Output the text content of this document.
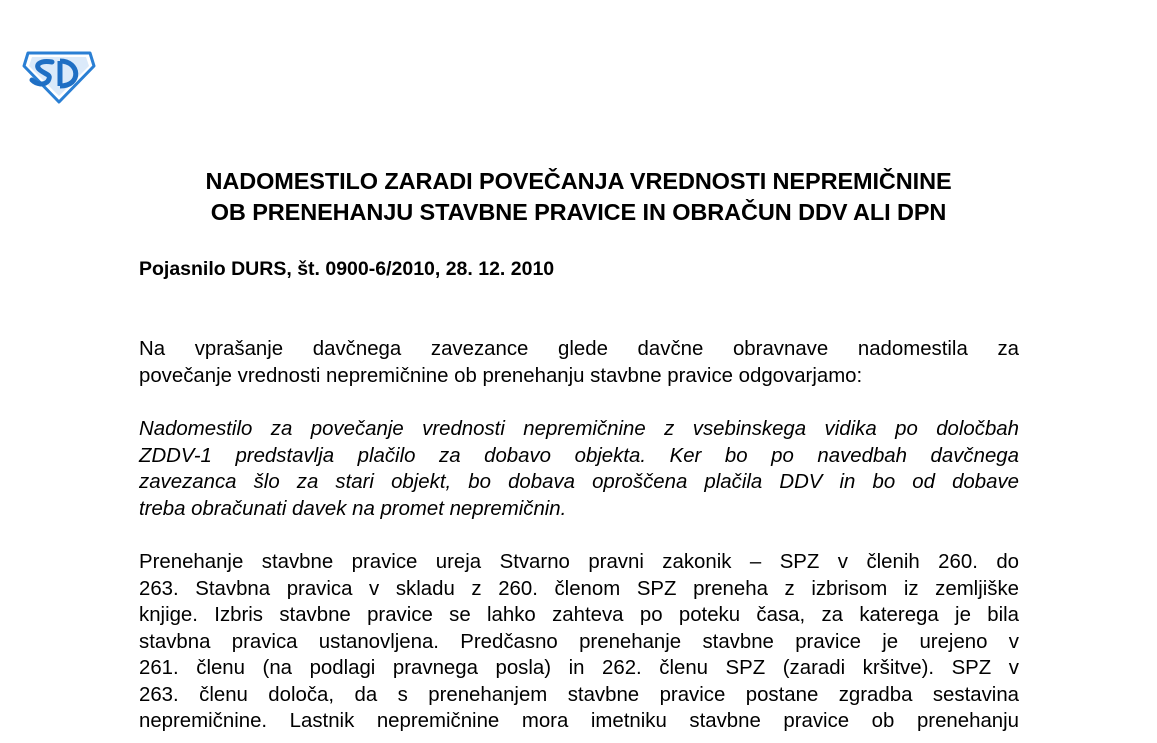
NADOMESTILO ZARADI POVEČANJA VREDNOSTI NEPREMIČNINE
OB PRENEHANJU STAVBNE PRAVICE IN OBRAČUN DDV ALI DPN

Pojasnilo DURS, št. 0900-6/2010, 28. 12. 2010

Na vprašanje davčnega zavezance glede davčne obravnave nadomestila za
povečanje vrednosti nepremičnine ob prenehanju stavbne pravice odgovarjamo:

Nadomestilo za povečanje vrednosti nepremičnine z vsebinskega vidika po določbah
ZDDV-1 predstavlja plačilo za dobavo objekta. Ker bo po navedbah davčnega
zavezanca šlo za stari objekt, bo dobava oproščena plačila DDV in bo od dobave
treba obračunati davek na promet nepremičnin.

Prenehanje stavbne pravice ureja Stvarno pravni zakonik – SPZ v členih 260. do
263. Stavbna pravica v skladu z 260. členom SPZ preneha z izbrisom iz zemljiške
knjige. Izbris stavbne pravice se lahko zahteva po poteku časa, za katerega je bila
stavbna pravica ustanovljena. Predčasno prenehanje stavbne pravice je urejeno v
261. členu (na podlagi pravnega posla) in 262. členu SPZ (zaradi kršitve). SPZ v
263. členu določa, da s prenehanjem stavbne pravice postane zgradba sestavina
nepremičnine. Lastnik nepremičnine mora imetniku stavbne pravice ob prenehanju
